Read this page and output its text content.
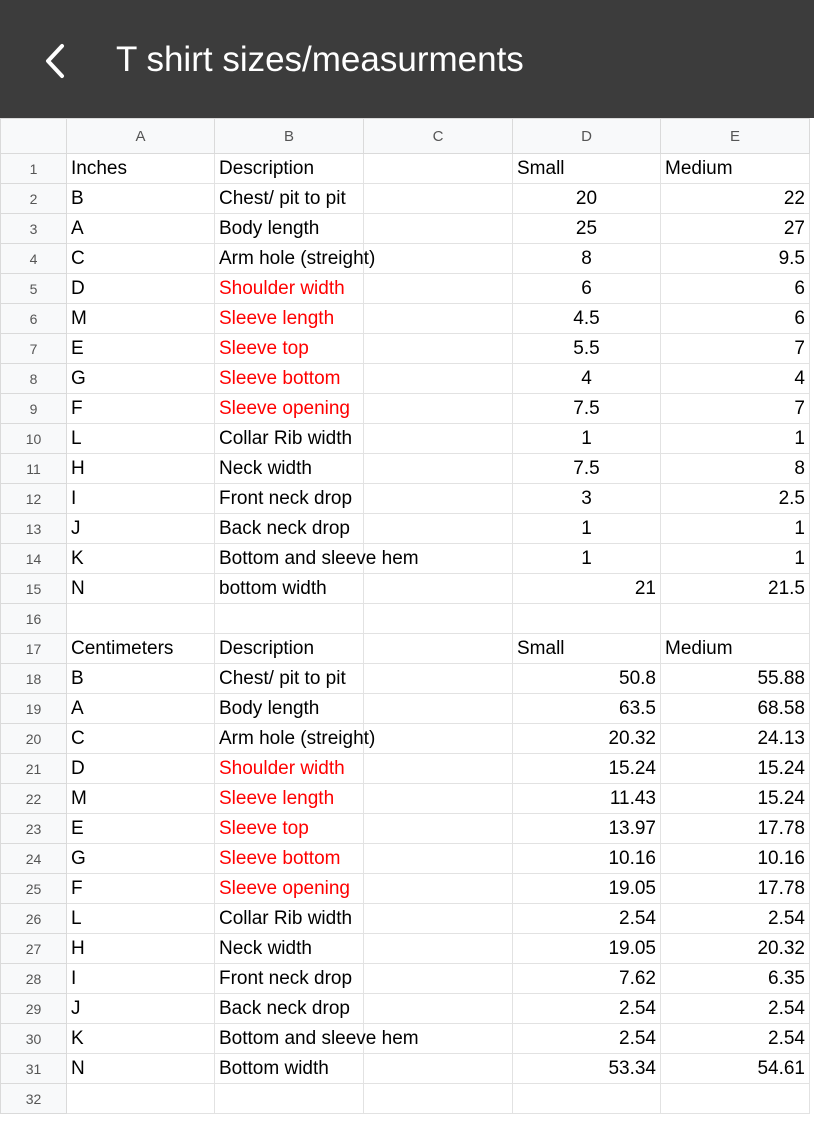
T shirt sizes/measurments
	A	B	C	D	E
1	Inches	Description		Small	Medium
2	B	Chest/ pit to pit		20	22
3	A	Body length		25	27
4	C	Arm hole (streight)		8	9.5
5	D	Shoulder width		6	6
6	M	Sleeve length		4.5	6
7	E	Sleeve top		5.5	7
8	G	Sleeve bottom		4	4
9	F	Sleeve opening		7.5	7
10	L	Collar Rib width		1	1
11	H	Neck width		7.5	8
12	I	Front neck drop		3	2.5
13	J	Back neck drop		1	1
14	K	Bottom and sleeve hem		1	1
15	N	bottom width		21	21.5
16					
17	Centimeters	Description		Small	Medium
18	B	Chest/ pit to pit		50.8	55.88
19	A	Body length		63.5	68.58
20	C	Arm hole (streight)		20.32	24.13
21	D	Shoulder width		15.24	15.24
22	M	Sleeve length		11.43	15.24
23	E	Sleeve top		13.97	17.78
24	G	Sleeve bottom		10.16	10.16
25	F	Sleeve opening		19.05	17.78
26	L	Collar Rib width		2.54	2.54
27	H	Neck width		19.05	20.32
28	I	Front neck drop		7.62	6.35
29	J	Back neck drop		2.54	2.54
30	K	Bottom and sleeve hem		2.54	2.54
31	N	Bottom width		53.34	54.61
32					
